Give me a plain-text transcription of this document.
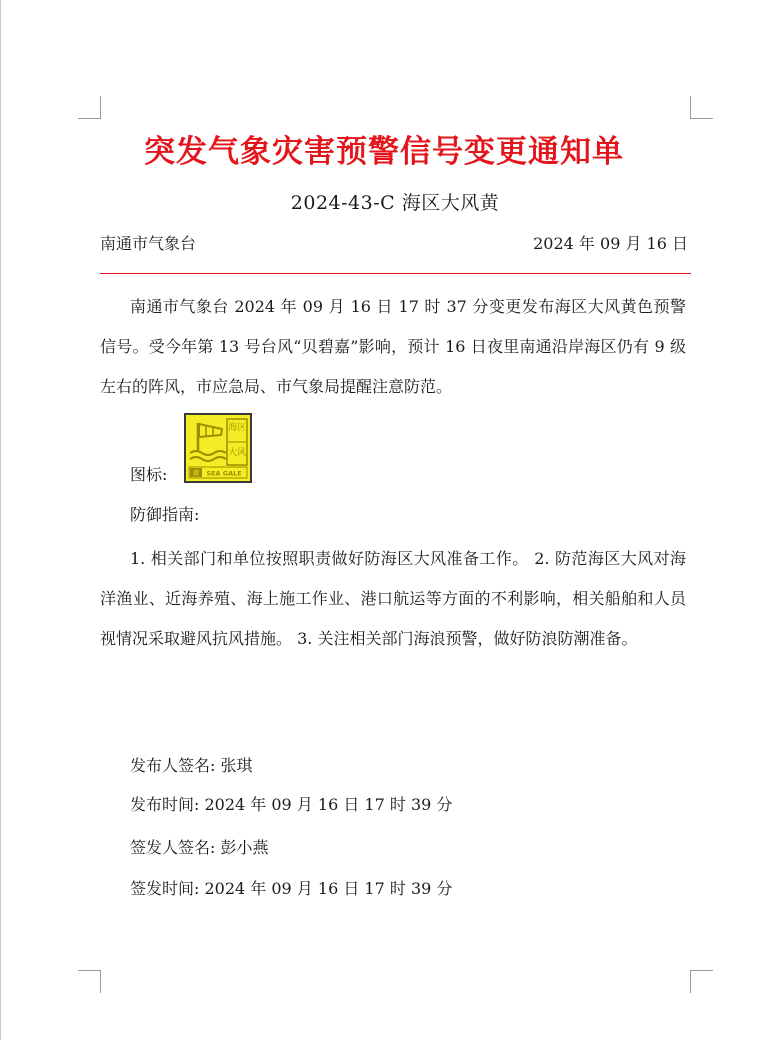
突发气象灾害预警信号变更通知单
2024-43-C 海区大风黄
南通市气象台	2024 年 09 月 16 日
南通市气象台 2024 年 09 月 16 日 17 时 37 分变更发布海区大风黄色预警信号。受今年第 13 号台风“贝碧嘉”影响，预计 16 日夜里南通沿岸海区仍有 9 级左右的阵风，市应急局、市气象局提醒注意防范。
图标:
海区
大风
黄 SEA GALE
防御指南:
1. 相关部门和单位按照职责做好防海区大风准备工作。 2. 防范海区大风对海洋渔业、近海养殖、海上施工作业、港口航运等方面的不利影响，相关船舶和人员视情况采取避风抗风措施。 3. 关注相关部门海浪预警，做好防浪防潮准备。
发布人签名: 张琪
发布时间: 2024 年 09 月 16 日 17 时 39 分
签发人签名: 彭小燕
签发时间: 2024 年 09 月 16 日 17 时 39 分
